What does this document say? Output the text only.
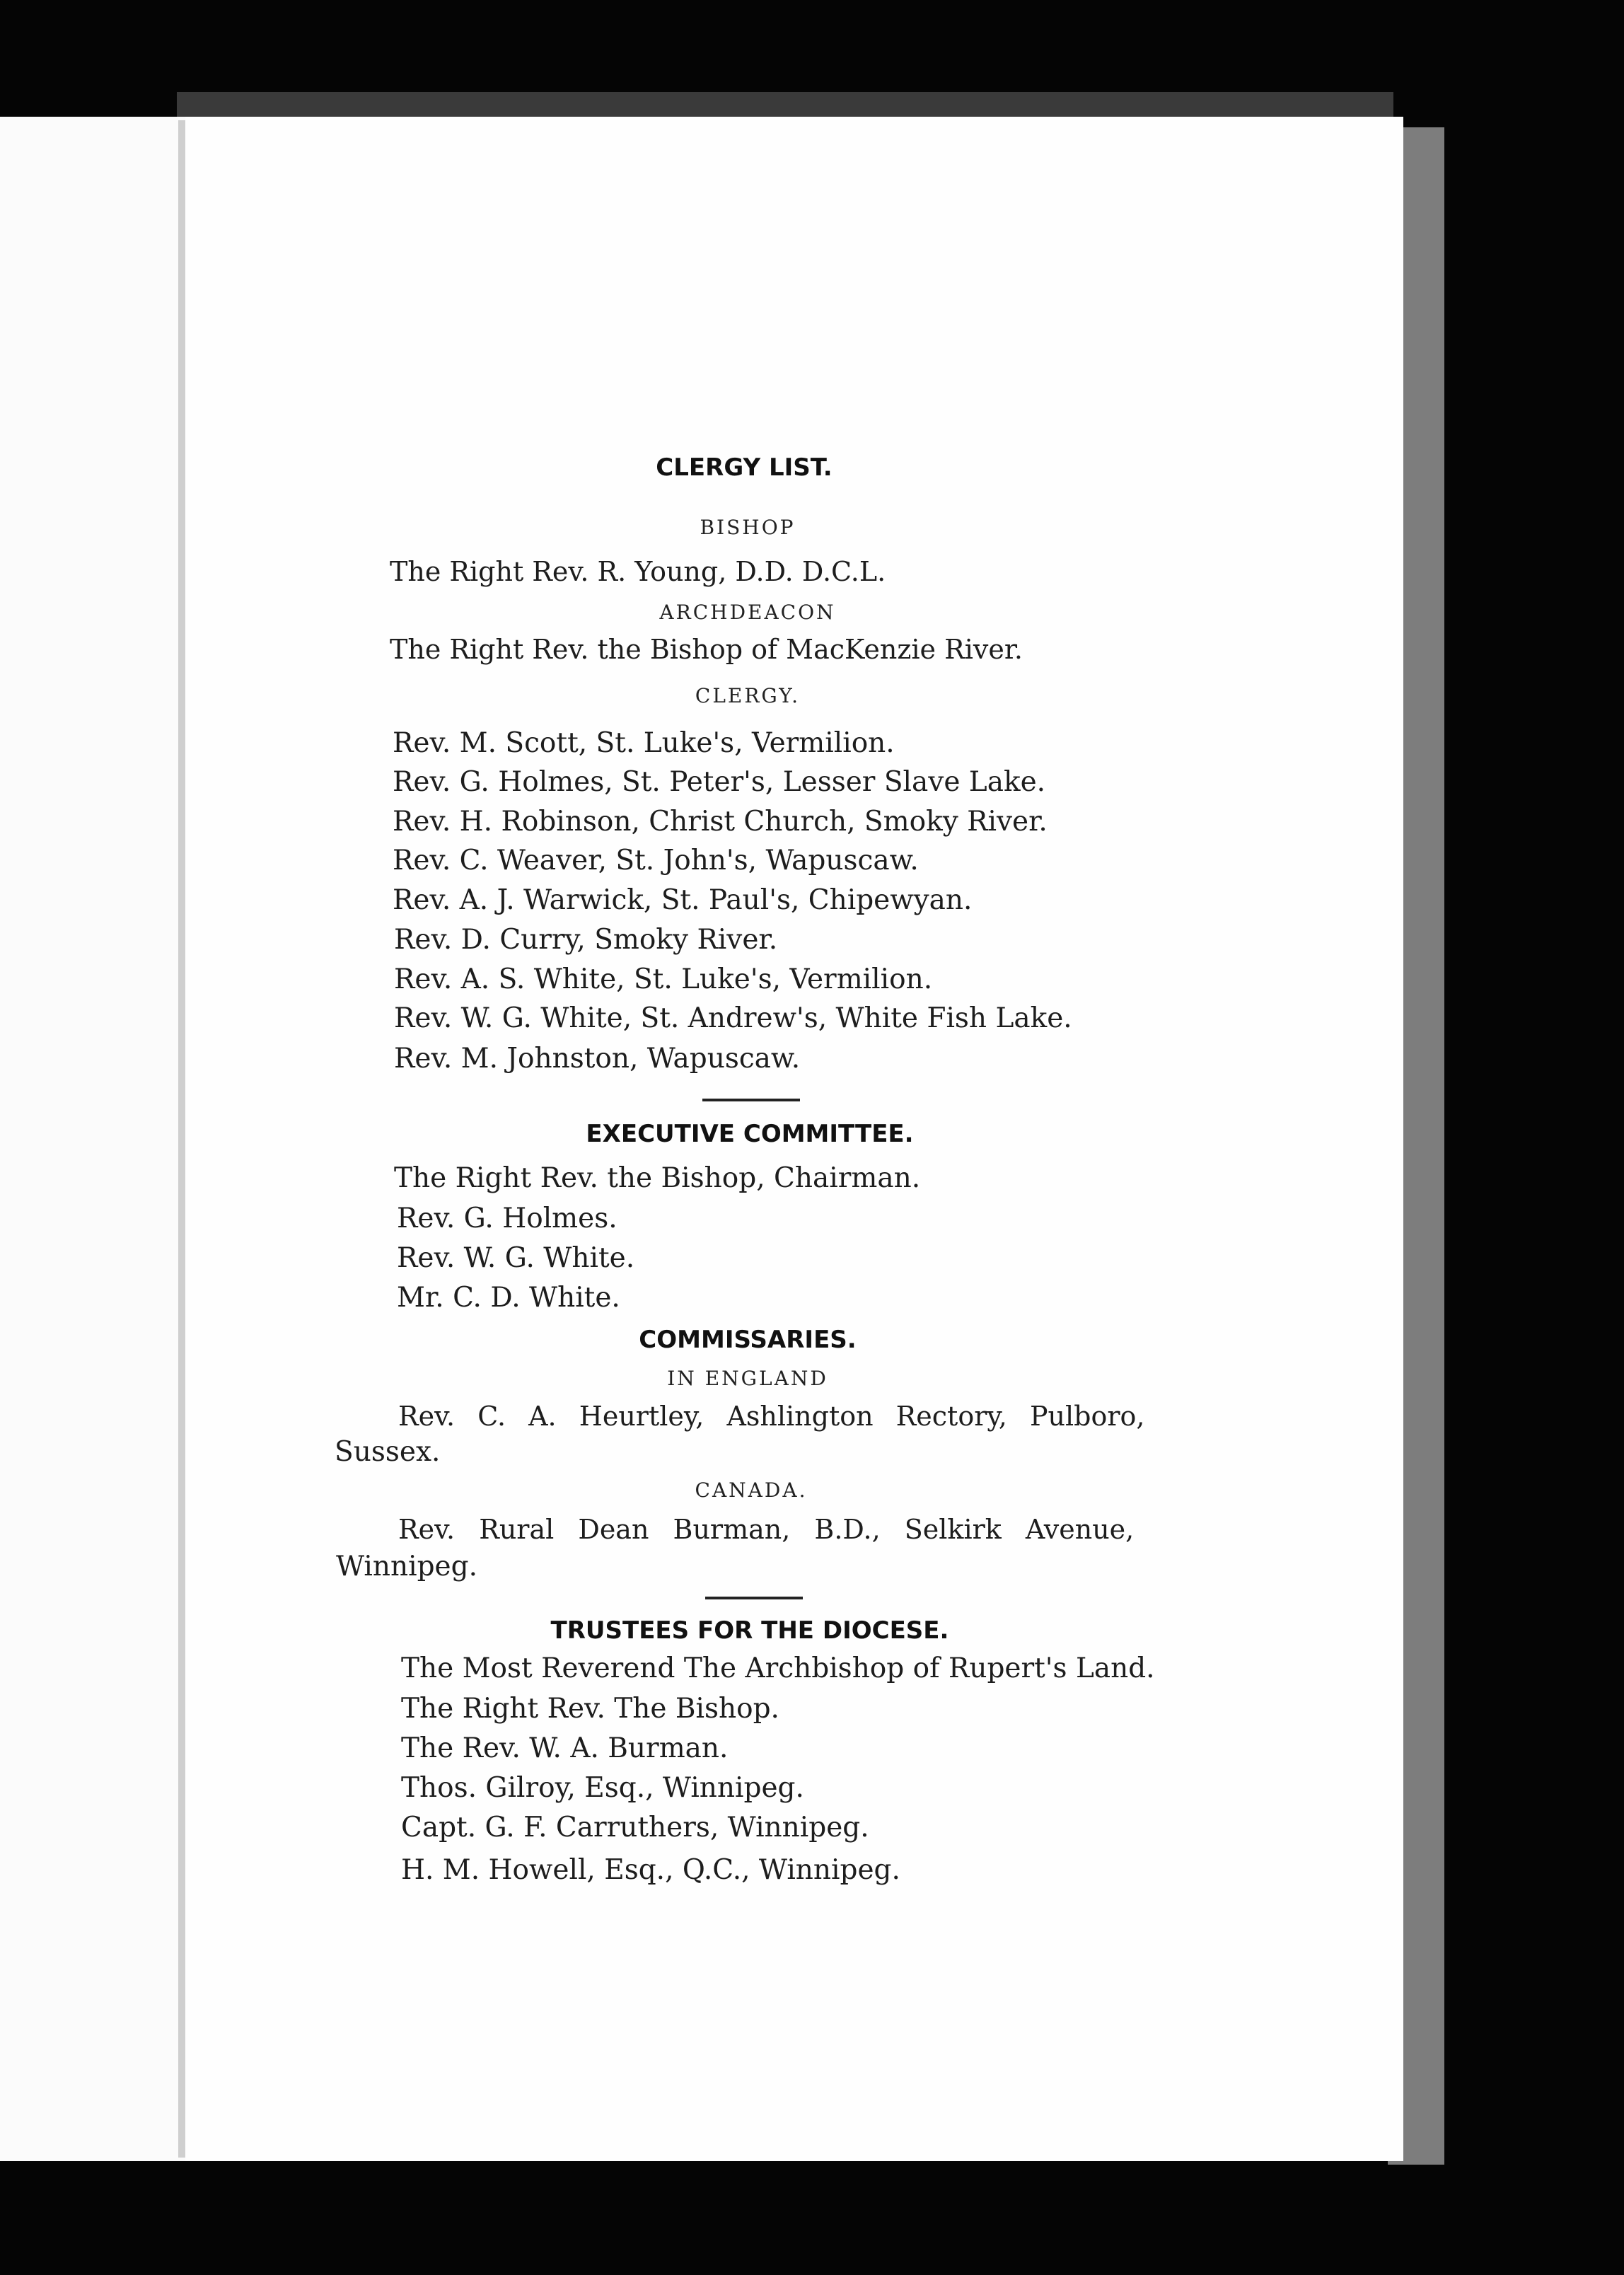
CLERGY LIST.
BISHOP
The Right Rev. R. Young, D.D. D.C.L.
ARCHDEACON
The Right Rev. the Bishop of MacKenzie River.
CLERGY.
Rev. M. Scott, St. Luke's, Vermilion.
Rev. G. Holmes, St. Peter's, Lesser Slave Lake.
Rev. H. Robinson, Christ Church, Smoky River.
Rev. C. Weaver, St. John's, Wapuscaw.
Rev. A. J. Warwick, St. Paul's, Chipewyan.
Rev. D. Curry, Smoky River.
Rev. A. S. White, St. Luke's, Vermilion.
Rev. W. G. White, St. Andrew's, White Fish Lake.
Rev. M. Johnston, Wapuscaw.
EXECUTIVE COMMITTEE.
The Right Rev. the Bishop, Chairman.
Rev. G. Holmes.
Rev. W. G. White.
Mr. C. D. White.
COMMISSARIES.
IN ENGLAND
Rev. C. A. Heurtley, Ashlington Rectory, Pulboro,
Sussex.
CANADA.
Rev. Rural Dean Burman, B.D., Selkirk Avenue,
Winnipeg.
TRUSTEES FOR THE DIOCESE.
The Most Reverend The Archbishop of Rupert's Land.
The Right Rev. The Bishop.
The Rev. W. A. Burman.
Thos. Gilroy, Esq., Winnipeg.
Capt. G. F. Carruthers, Winnipeg.
H. M. Howell, Esq., Q.C., Winnipeg.
